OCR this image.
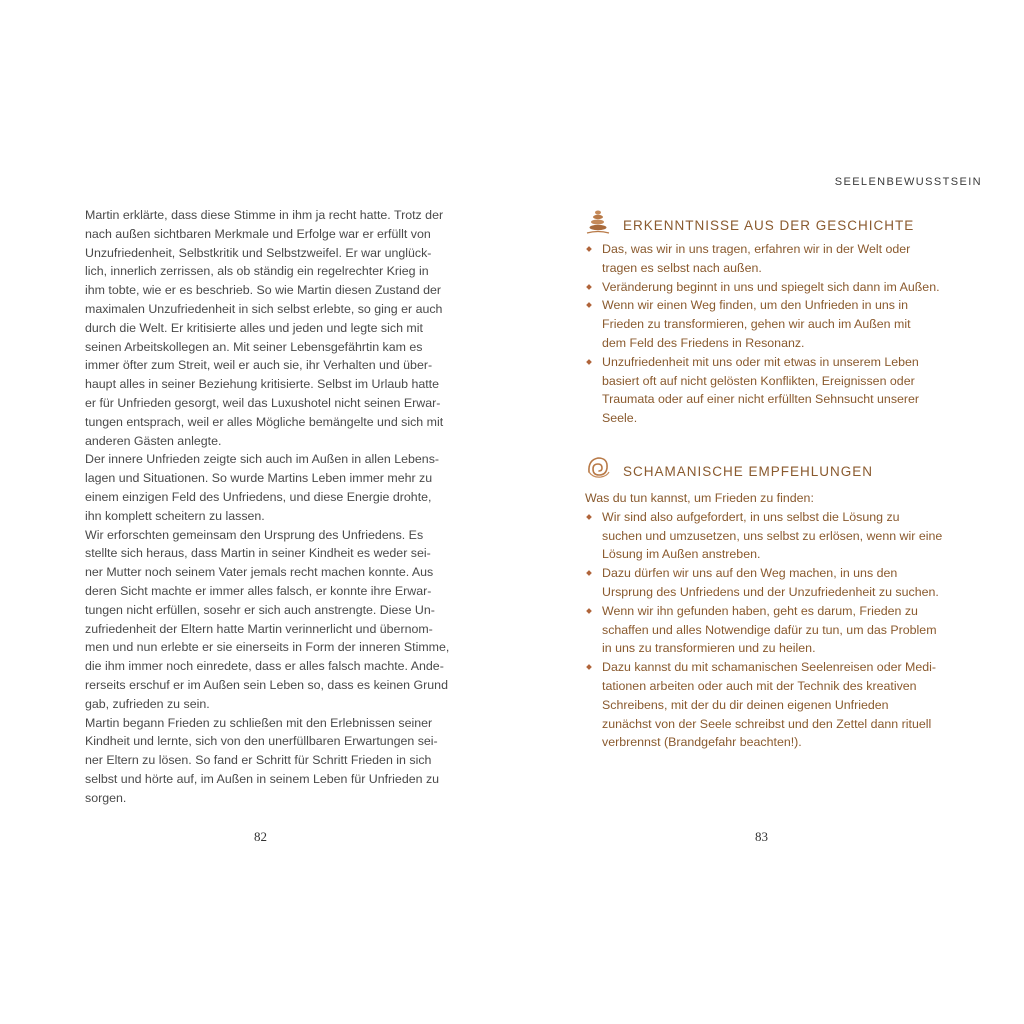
Martin erklärte, dass diese Stimme in ihm ja recht hatte. Trotz der
nach außen sichtbaren Merkmale und Erfolge war er erfüllt von
Unzufriedenheit, Selbstkritik und Selbstzweifel. Er war unglück-
lich, innerlich zerrissen, als ob ständig ein regelrechter Krieg in
ihm tobte, wie er es beschrieb. So wie Martin diesen Zustand der
maximalen Unzufriedenheit in sich selbst erlebte, so ging er auch
durch die Welt. Er kritisierte alles und jeden und legte sich mit
seinen Arbeitskollegen an. Mit seiner Lebensgefährtin kam es
immer öfter zum Streit, weil er auch sie, ihr Verhalten und über-
haupt alles in seiner Beziehung kritisierte. Selbst im Urlaub hatte
er für Unfrieden gesorgt, weil das Luxushotel nicht seinen Erwar-
tungen entsprach, weil er alles Mögliche bemängelte und sich mit
anderen Gästen anlegte.
Der innere Unfrieden zeigte sich auch im Außen in allen Lebens-
lagen und Situationen. So wurde Martins Leben immer mehr zu
einem einzigen Feld des Unfriedens, und diese Energie drohte,
ihn komplett scheitern zu lassen.
Wir erforschten gemeinsam den Ursprung des Unfriedens. Es
stellte sich heraus, dass Martin in seiner Kindheit es weder sei-
ner Mutter noch seinem Vater jemals recht machen konnte. Aus
deren Sicht machte er immer alles falsch, er konnte ihre Erwar-
tungen nicht erfüllen, sosehr er sich auch anstrengte. Diese Un-
zufriedenheit der Eltern hatte Martin verinnerlicht und übernom-
men und nun erlebte er sie einerseits in Form der inneren Stimme,
die ihm immer noch einredete, dass er alles falsch machte. Ande-
rerseits erschuf er im Außen sein Leben so, dass es keinen Grund
gab, zufrieden zu sein.
Martin begann Frieden zu schließen mit den Erlebnissen seiner
Kindheit und lernte, sich von den unerfüllbaren Erwartungen sei-
ner Eltern zu lösen. So fand er Schritt für Schritt Frieden in sich
selbst und hörte auf, im Außen in seinem Leben für Unfrieden zu
sorgen.
82
SEELENBEWUSSTSEIN
ERKENNTNISSE AUS DER GESCHICHTE
Das, was wir in uns tragen, erfahren wir in der Welt oder
tragen es selbst nach außen.
Veränderung beginnt in uns und spiegelt sich dann im Außen.
Wenn wir einen Weg finden, um den Unfrieden in uns in
Frieden zu transformieren, gehen wir auch im Außen mit
dem Feld des Friedens in Resonanz.
Unzufriedenheit mit uns oder mit etwas in unserem Leben
basiert oft auf nicht gelösten Konflikten, Ereignissen oder
Traumata oder auf einer nicht erfüllten Sehnsucht unserer
Seele.
SCHAMANISCHE EMPFEHLUNGEN

Was du tun kannst, um Frieden zu finden:

Wir sind also aufgefordert, in uns selbst die Lösung zu
suchen und umzusetzen, uns selbst zu erlösen, wenn wir eine
Lösung im Außen anstreben.
Dazu dürfen wir uns auf den Weg machen, in uns den
Ursprung des Unfriedens und der Unzufriedenheit zu suchen.
Wenn wir ihn gefunden haben, geht es darum, Frieden zu
schaffen und alles Notwendige dafür zu tun, um das Problem
in uns zu transformieren und zu heilen.
Dazu kannst du mit schamanischen Seelenreisen oder Medi-
tationen arbeiten oder auch mit der Technik des kreativen
Schreibens, mit der du dir deinen eigenen Unfrieden
zunächst von der Seele schreibst und den Zettel dann rituell
verbrennst (Brandgefahr beachten!).
83
